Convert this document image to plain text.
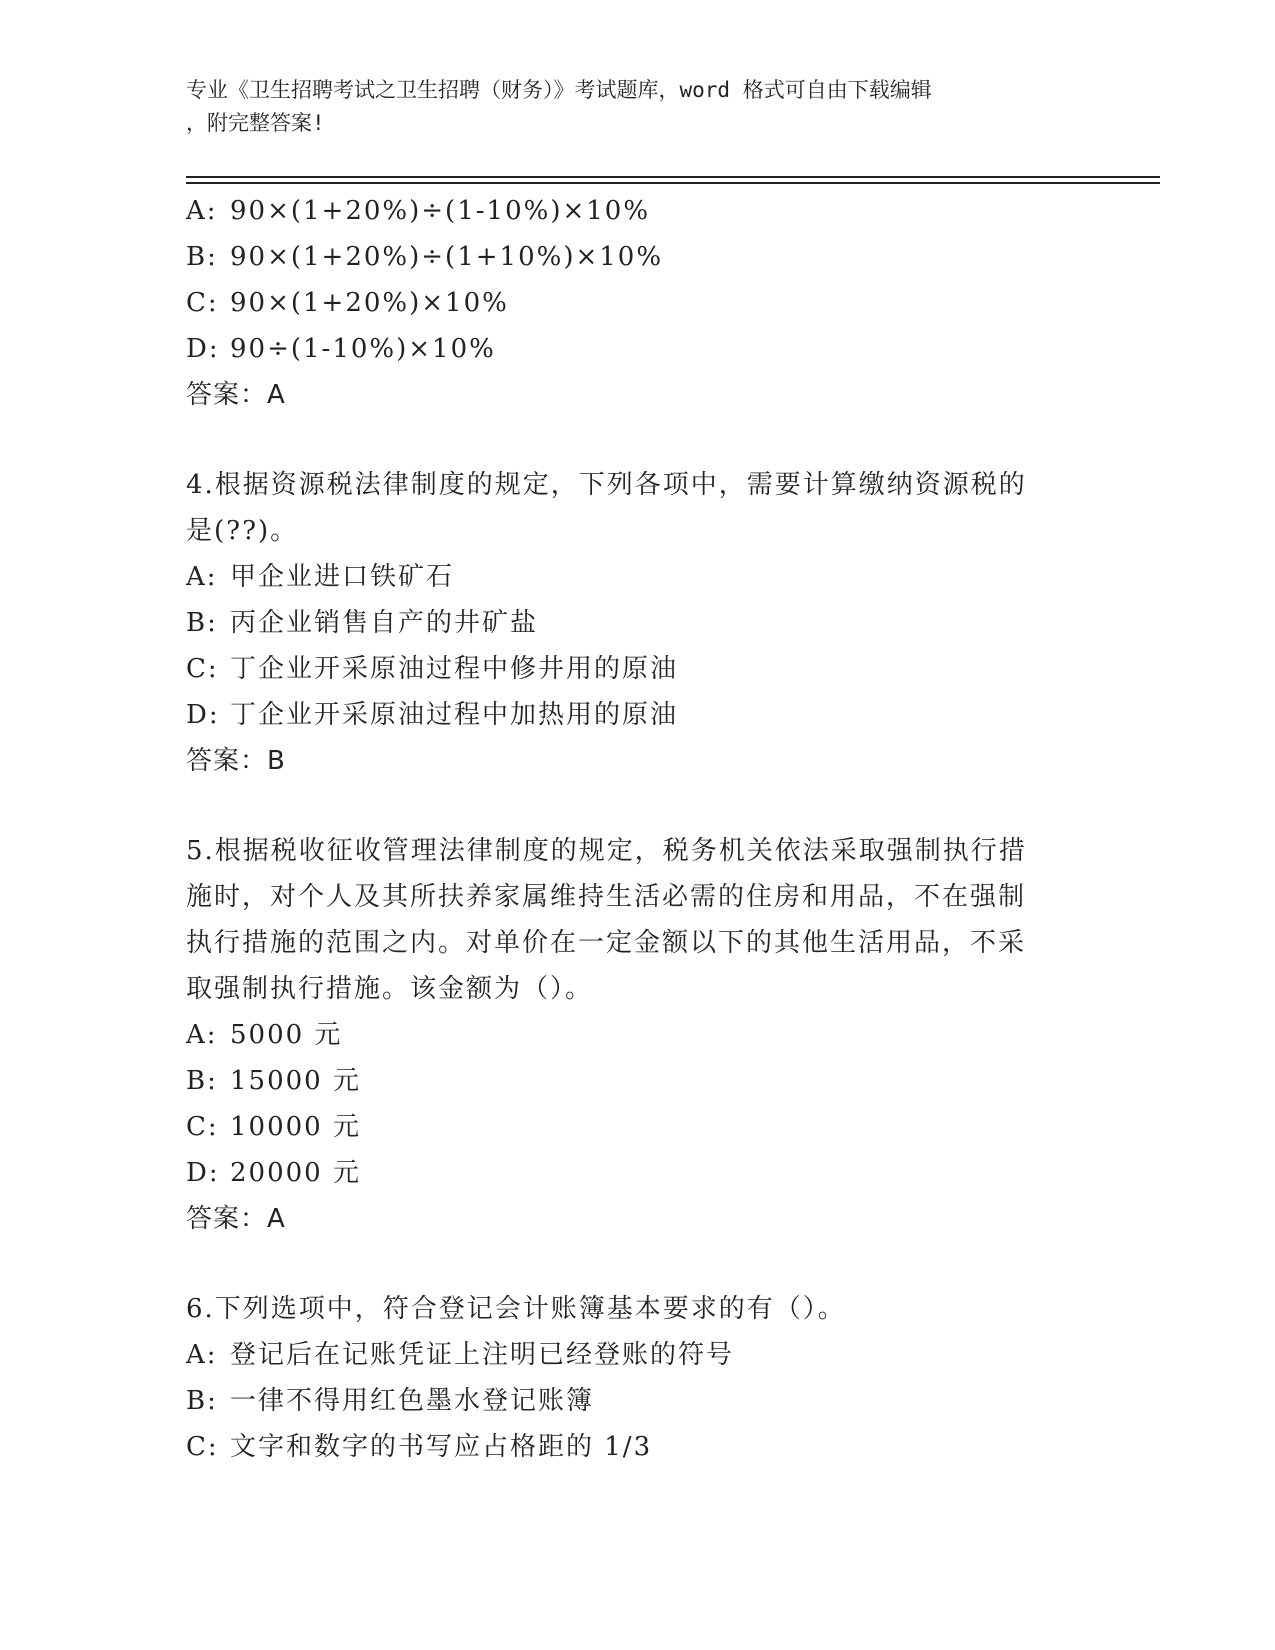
专业《卫生招聘考试之卫生招聘（财务）》考试题库，word 格式可自由下载编辑
，附完整答案!
A: 90×(1+20%)÷(1-10%)×10%
B: 90×(1+20%)÷(1+10%)×10%
C: 90×(1+20%)×10%
D: 90÷(1-10%)×10%
答案：A
4.根据资源税法律制度的规定，下列各项中，需要计算缴纳资源税的
是(??)。
A: 甲企业进口铁矿石
B: 丙企业销售自产的井矿盐
C: 丁企业开采原油过程中修井用的原油
D: 丁企业开采原油过程中加热用的原油
答案：B
5.根据税收征收管理法律制度的规定，税务机关依法采取强制执行措
施时，对个人及其所扶养家属维持生活必需的住房和用品，不在强制
执行措施的范围之内。对单价在一定金额以下的其他生活用品，不采
取强制执行措施。该金额为（）。
A: 5000 元
B: 15000 元
C: 10000 元
D: 20000 元
答案：A
6.下列选项中，符合登记会计账簿基本要求的有（）。
A: 登记后在记账凭证上注明已经登账的符号
B: 一律不得用红色墨水登记账簿
C: 文字和数字的书写应占格距的 1/3
